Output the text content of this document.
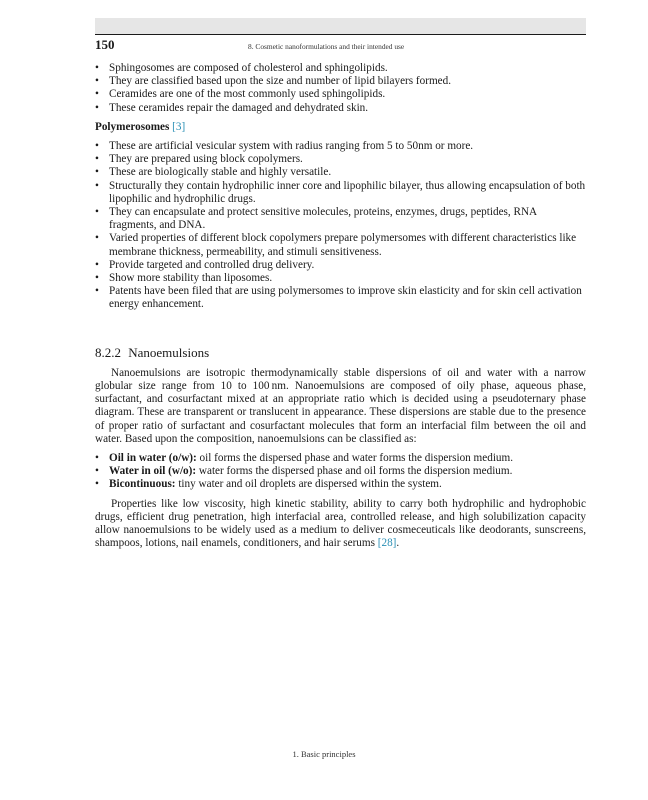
150	8. Cosmetic nanoformulations and their intended use
• Sphingosomes are composed of cholesterol and sphingolipids.
• They are classified based upon the size and number of lipid bilayers formed.
• Ceramides are one of the most commonly used sphingolipids.
• These ceramides repair the damaged and dehydrated skin.
Polymerosomes [3]
• These are artificial vesicular system with radius ranging from 5 to 50nm or more.
• They are prepared using block copolymers.
• These are biologically stable and highly versatile.
• Structurally they contain hydrophilic inner core and lipophilic bilayer, thus allowing encapsulation of both lipophilic and hydrophilic drugs.
• They can encapsulate and protect sensitive molecules, proteins, enzymes, drugs, peptides, RNA fragments, and DNA.
• Varied properties of different block copolymers prepare polymersomes with different characteristics like membrane thickness, permeability, and stimuli sensitiveness.
• Provide targeted and controlled drug delivery.
• Show more stability than liposomes.
• Patents have been filed that are using polymersomes to improve skin elasticity and for skin cell activation energy enhancement.
8.2.2 Nanoemulsions

Nanoemulsions are isotropic thermodynamically stable dispersions of oil and water with a narrow globular size range from 10 to 100 nm. Nanoemulsions are composed of oily phase, aqueous phase, surfactant, and cosurfactant mixed at an appropriate ratio which is decided using a pseudoternary phase diagram. These are transparent or translucent in appearance. These dispersions are stable due to the presence of proper ratio of surfactant and cosurfactant molecules that form an interfacial film between the oil and water. Based upon the composition, nanoemulsions can be classified as:

• Oil in water (o/w): oil forms the dispersed phase and water forms the dispersion medium.
• Water in oil (w/o): water forms the dispersed phase and oil forms the dispersion medium.
• Bicontinuous: tiny water and oil droplets are dispersed within the system.

Properties like low viscosity, high kinetic stability, ability to carry both hydrophilic and hydrophobic drugs, efficient drug penetration, high interfacial area, controlled release, and high solubilization capacity allow nanoemulsions to be widely used as a medium to deliver cosmeceuticals like deodorants, sunscreens, shampoos, lotions, nail enamels, conditioners, and hair serums [28].

1. Basic principles
